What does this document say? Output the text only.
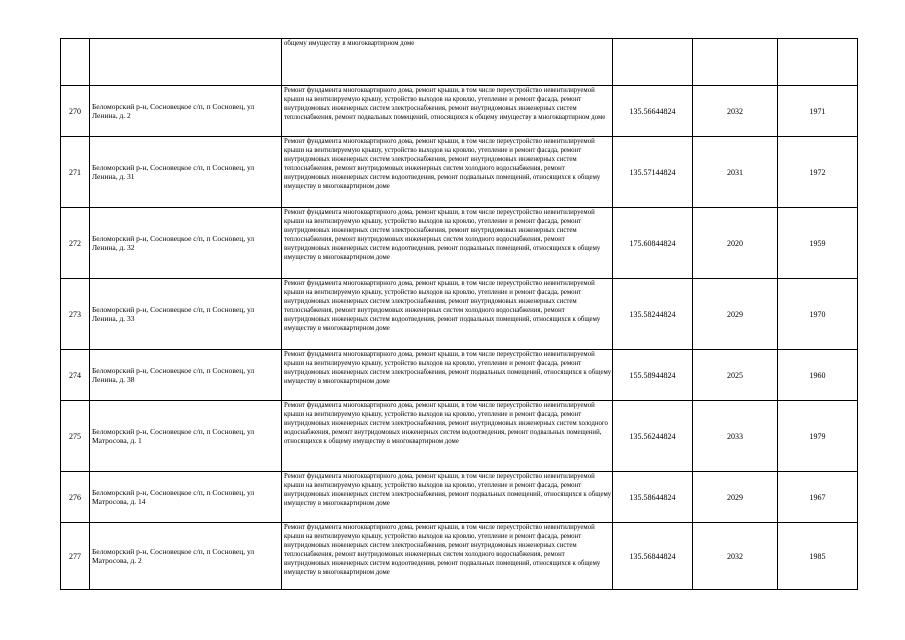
		общему имуществу в многоквартирном доме			

270	Беломорский р-н, Сосновецкое с/п, п Сосновец, ул Ленина, д. 2	Ремонт фундамента многоквартирного дома, ремонт крыши, в том числе переустройство невентилируемой крыши на вентилируемую крышу, устройство выходов на кровлю, утепление и ремонт фасада, ремонт внутридомовых инженерных систем электроснабжения, ремонт внутридомовых инженерных систем теплоснабжения, ремонт подвальных помещений, относящихся к общему имуществу в многоквартирном доме	135.56644824	2032	1971
271	Беломорский р-н, Сосновецкое с/п, п Сосновец, ул Ленина, д. 31	Ремонт фундамента многоквартирного дома, ремонт крыши, в том числе переустройство невентилируемой крыши на вентилируемую крышу, устройство выходов на кровлю, утепление и ремонт фасада, ремонт внутридомовых инженерных систем электроснабжения, ремонт внутридомовых инженерных систем теплоснабжения, ремонт внутридомовых инженерных систем холодного водоснабжения, ремонт внутридомовых инженерных систем водоотведения, ремонт подвальных помещений, относящихся к общему имуществу в многоквартирном доме	135.57144824	2031	1972
272	Беломорский р-н, Сосновецкое с/п, п Сосновец, ул Ленина, д. 32	Ремонт фундамента многоквартирного дома, ремонт крыши, в том числе переустройство невентилируемой крыши на вентилируемую крышу, устройство выходов на кровлю, утепление и ремонт фасада, ремонт внутридомовых инженерных систем электроснабжения, ремонт внутридомовых инженерных систем теплоснабжения, ремонт внутридомовых инженерных систем холодного водоснабжения, ремонт внутридомовых инженерных систем водоотведения, ремонт подвальных помещений, относящихся к общему имуществу в многоквартирном доме	175.60844824	2020	1959
273	Беломорский р-н, Сосновецкое с/п, п Сосновец, ул Ленина, д. 33	Ремонт фундамента многоквартирного дома, ремонт крыши, в том числе переустройство невентилируемой крыши на вентилируемую крышу, устройство выходов на кровлю, утепление и ремонт фасада, ремонт внутридомовых инженерных систем электроснабжения, ремонт внутридомовых инженерных систем теплоснабжения, ремонт внутридомовых инженерных систем холодного водоснабжения, ремонт внутридомовых инженерных систем водоотведения, ремонт подвальных помещений, относящихся к общему имуществу в многоквартирном доме	135.58244824	2029	1970
274	Беломорский р-н, Сосновецкое с/п, п Сосновец, ул Ленина, д. 38	Ремонт фундамента многоквартирного дома, ремонт крыши, в том числе переустройство невентилируемой крыши на вентилируемую крышу, устройство выходов на кровлю, утепление и ремонт фасада, ремонт внутридомовых инженерных систем электроснабжения, ремонт подвальных помещений, относящихся к общему имуществу в многоквартирном доме	155.58944824	2025	1960
275	Беломорский р-н, Сосновецкое с/п, п Сосновец, ул Матросова, д. 1	Ремонт фундамента многоквартирного дома, ремонт крыши, в том числе переустройство невентилируемой крыши на вентилируемую крышу, устройство выходов на кровлю, утепление и ремонт фасада, ремонт внутридомовых инженерных систем электроснабжения, ремонт внутридомовых инженерных систем холодного водоснабжения, ремонт внутридомовых инженерных систем водоотведения, ремонт подвальных помещений, относящихся к общему имуществу в многоквартирном доме	135.56244824	2033	1979
276	Беломорский р-н, Сосновецкое с/п, п Сосновец, ул Матросова, д. 14	Ремонт фундамента многоквартирного дома, ремонт крыши, в том числе переустройство невентилируемой крыши на вентилируемую крышу, устройство выходов на кровлю, утепление и ремонт фасада, ремонт внутридомовых инженерных систем электроснабжения, ремонт подвальных помещений, относящихся к общему имуществу в многоквартирном доме	135.58644824	2029	1967
277	Беломорский р-н, Сосновецкое с/п, п Сосновец, ул Матросова, д. 2	Ремонт фундамента многоквартирного дома, ремонт крыши, в том числе переустройство невентилируемой крыши на вентилируемую крышу, устройство выходов на кровлю, утепление и ремонт фасада, ремонт внутридомовых инженерных систем электроснабжения, ремонт внутридомовых инженерных систем теплоснабжения, ремонт внутридомовых инженерных систем холодного водоснабжения, ремонт внутридомовых инженерных систем водоотведения, ремонт подвальных помещений, относящихся к общему имуществу в многоквартирном доме	135.56844824	2032	1985
